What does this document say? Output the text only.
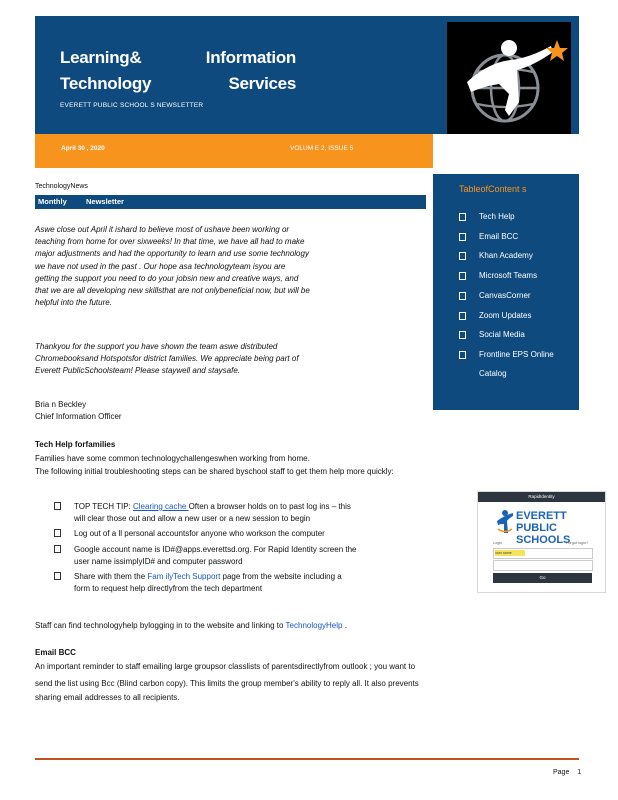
Learning&	Information
Technology	Services
EVERETT PUBLIC SCHOOL S NEWSLETTER
April 30 , 2020	VOLUM E 2, ISSUE 5
TechnologyNews
Monthly	Newsletter
Aswe close out April it ishard to believe most of ushave been working or
teaching from home for over sixweeks! In that time, we have all had to make
major adjustments and had the opportunity to learn and use some technology
we have not used in the past . Our hope asa technologyteam isyou are
getting the support you need to do your jobsin new and creative ways, and
that we are all developing new skillsthat are not onlybeneficial now, but will be
helpful into the future.
Thankyou for the support you have shown the team aswe distributed
Chromebooksand Hotspotsfor district families. We appreciate being part of
Everett PublicSchoolsteam! Please staywell and staysafe.
Bria n Beckley
Chief Information Officer
Tech Help forfamilies
Families have some common technologychallengeswhen working from home.
The following initial troubleshooting steps can be shared byschool staff to get them help more quickly:
TOP TECH TIP: Clearing cache Often a browser holds on to past log ins – this
will clear those out and allow a new user or a new session to begin
Log out of a ll personal accountsfor anyone who workson the computer
Google account name is ID#@apps.everettsd.org. For Rapid Identity screen the
user name issimplyID# and computer password
Share with them the Fam ilyTech Support page from the website including a
form to request help directlyfrom the tech department
Staff can find technologyhelp bylogging in to the website and linking to TechnologyHelp .
Email BCC
An important reminder to staff emailing large groupsor classlists of parentsdirectlyfrom outlook ; you want to
send the list using Bcc (Blind carbon copy). This limits the group member's ability to reply all. It also prevents
sharing email addresses to all recipients.
TableofContent s
Tech Help
Email BCC
Khan Academy
Microsoft Teams
CanvasCorner
Zoom Updates
Social Media
Frontline EPS Online
Catalog
RapidIdentity
EVERETT
PUBLIC
SCHOOLS
Login	Forgot login?
user.name
Go
Page 1
